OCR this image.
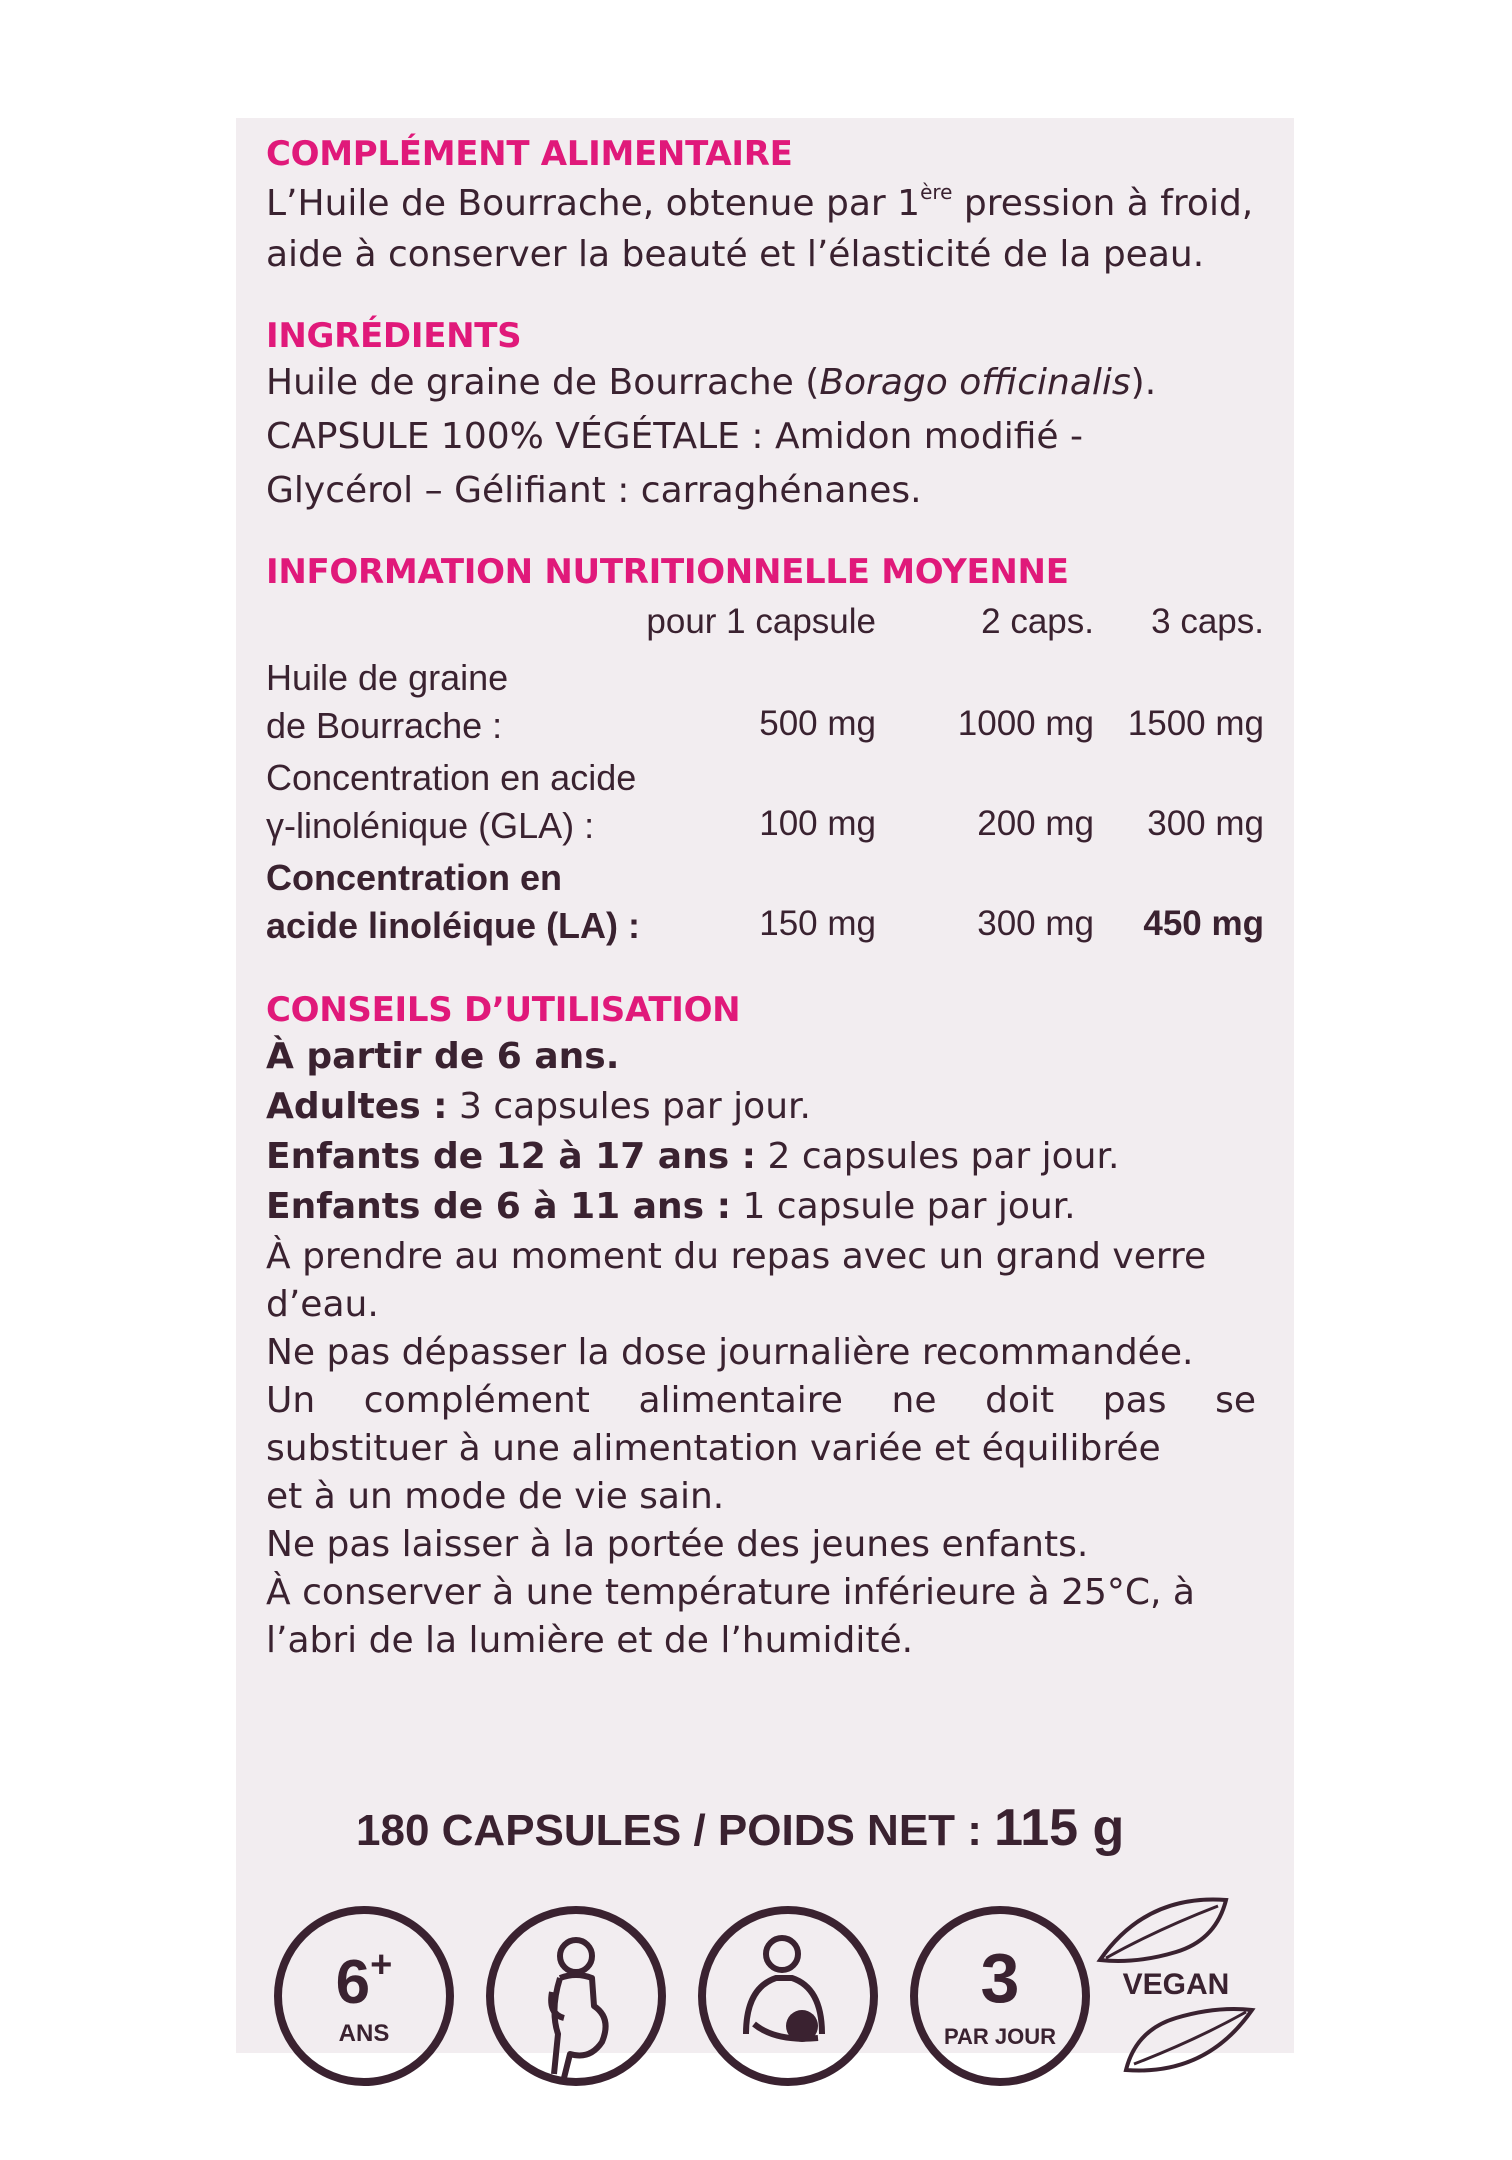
COMPLÉMENT ALIMENTAIRE
L’Huile de Bourrache, obtenue par 1ère pression à froid,
aide à conserver la beauté et l’élasticité de la peau.
INGRÉDIENTS
Huile de graine de Bourrache (Borago officinalis).
CAPSULE 100% VÉGÉTALE : Amidon modifié -
Glycérol – Gélifiant : carraghénanes.
INFORMATION NUTRITIONNELLE MOYENNE
pour 1 capsule	2 caps. 3 caps.
Huile de graine
de Bourrache :	500 mg 1000 mg 1500 mg
Concentration en acide
γ-linolénique (GLA) :	100 mg	200 mg 300 mg
Concentration en
acide linoléique (LA) :	150 mg	300 mg 450 mg
CONSEILS D’UTILISATION
À partir de 6 ans.
Adultes : 3 capsules par jour.
Enfants de 12 à 17 ans : 2 capsules par jour.
Enfants de 6 à 11 ans : 1 capsule par jour.
À prendre au moment du repas avec un grand verre
d’eau.
Ne pas dépasser la dose journalière recommandée.
Un complément alimentaire ne doit pas se
substituer à une alimentation variée et équilibrée
et à un mode de vie sain.
Ne pas laisser à la portée des jeunes enfants.
À conserver à une température inférieure à 25°C, à
l’abri de la lumière et de l’humidité.
180 CAPSULES / POIDS NET : 115 g
6+
ANS
3
PAR JOUR
VEGAN
